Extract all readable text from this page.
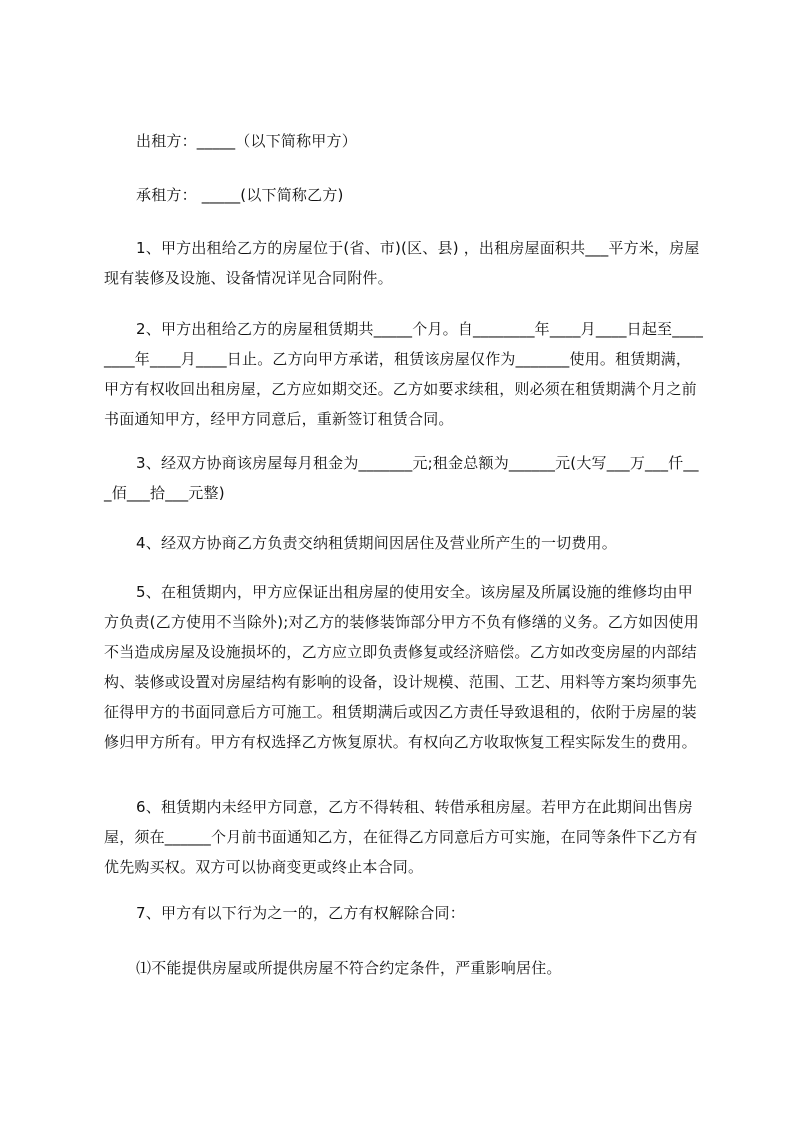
出租方：_____（以下简称甲方）
承租方： _____(以下简称乙方)
1、甲方出租给乙方的房屋位于(省、市)(区、县) ，出租房屋面积共___平方米，房屋现有装修及设施、设备情况详见合同附件。
2、甲方出租给乙方的房屋租赁期共_____个月。自________年____月____日起至________年____月____日止。乙方向甲方承诺，租赁该房屋仅作为_______使用。租赁期满，甲方有权收回出租房屋，乙方应如期交还。乙方如要求续租，则必须在租赁期满个月之前书面通知甲方，经甲方同意后，重新签订租赁合同。
3、经双方协商该房屋每月租金为_______元;租金总额为______元(大写___万___仟___佰___拾___元整)
4、经双方协商乙方负责交纳租赁期间因居住及营业所产生的一切费用。
5、在租赁期内，甲方应保证出租房屋的使用安全。该房屋及所属设施的维修均由甲方负责(乙方使用不当除外);对乙方的装修装饰部分甲方不负有修缮的义务。乙方如因使用不当造成房屋及设施损坏的，乙方应立即负责修复或经济赔偿。乙方如改变房屋的内部结构、装修或设置对房屋结构有影响的设备，设计规模、范围、工艺、用料等方案均须事先征得甲方的书面同意后方可施工。租赁期满后或因乙方责任导致退租的，依附于房屋的装修归甲方所有。甲方有权选择乙方恢复原状。有权向乙方收取恢复工程实际发生的费用。
6、租赁期内未经甲方同意，乙方不得转租、转借承租房屋。若甲方在此期间出售房屋，须在______个月前书面通知乙方，在征得乙方同意后方可实施，在同等条件下乙方有优先购买权。双方可以协商变更或终止本合同。
7、甲方有以下行为之一的，乙方有权解除合同：
⑴不能提供房屋或所提供房屋不符合约定条件，严重影响居住。
